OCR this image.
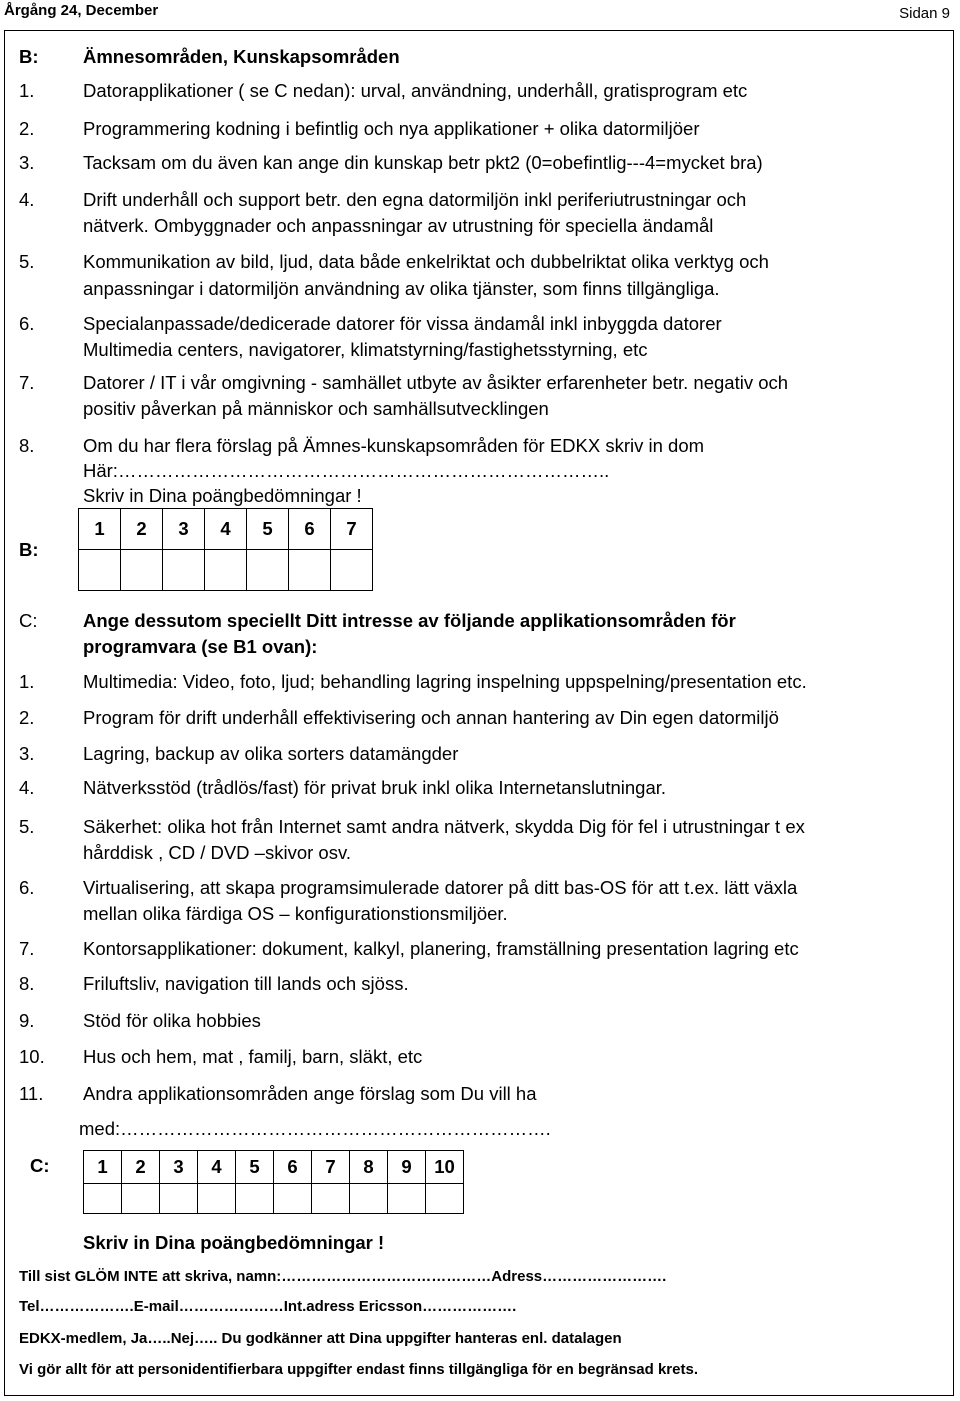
Årgång 24, December	Sidan 9
B: Ämnesområden, Kunskapsområden
1.	Datorapplikationer ( se C nedan): urval, användning, underhåll, gratisprogram etc
2.	Programmering kodning i befintlig och nya applikationer + olika datormiljöer
3.	Tacksam om du även kan ange din kunskap betr pkt2 (0=obefintlig---4=mycket bra)
4.	Drift underhåll och support betr. den egna datormiljön inkl periferiutrustningar och
nätverk. Ombyggnader och anpassningar av utrustning för speciella ändamål
5.	Kommunikation av bild, ljud, data både enkelriktat och dubbelriktat olika verktyg och
anpassningar i datormiljön användning av olika tjänster, som finns tillgängliga.
6.	Specialanpassade/dedicerade datorer för vissa ändamål inkl inbyggda datorer
Multimedia centers, navigatorer, klimatstyrning/fastighetsstyrning, etc
7.	Datorer / IT i vår omgivning - samhället utbyte av åsikter erfarenheter betr. negativ och
positiv påverkan på människor och samhällsutvecklingen
8.	Om du har flera förslag på Ämnes-kunskapsområden för EDKX skriv in dom
Här:……………………………………………………………………..
Skriv in Dina poängbedömningar !
B:
1	2	3	4	5	6	7

C: Ange dessutom speciellt Ditt intresse av följande applikationsområden för
programvara (se B1 ovan):
1.	Multimedia: Video, foto, ljud; behandling lagring inspelning uppspelning/presentation etc.
2.	Program för drift underhåll effektivisering och annan hantering av Din egen datormiljö
3.	Lagring, backup av olika sorters datamängder
4.	Nätverksstöd (trådlös/fast) för privat bruk inkl olika Internetanslutningar.
5.	Säkerhet: olika hot från Internet samt andra nätverk, skydda Dig för fel i utrustningar t ex
hårddisk , CD / DVD –skivor osv.
6.	Virtualisering, att skapa programsimulerade datorer på ditt bas-OS för att t.ex. lätt växla
mellan olika färdiga OS – konfigurationstionsmiljöer.
7.	Kontorsapplikationer: dokument, kalkyl, planering, framställning presentation lagring etc
8.	Friluftsliv, navigation till lands och sjöss.
9.	Stöd för olika hobbies
10. Hus och hem, mat , familj, barn, släkt, etc
11. Andra applikationsområden ange förslag som Du vill ha
med:…………………………………………………………….
C:	1	2	3	4	5	6	7	8	9	10

Skriv in Dina poängbedömningar !
Till sist GLÖM INTE att skriva, namn:……………………………………Adress…………………….
Tel……………….E-mail…………………Int.adress Ericsson……………….
EDKX-medlem, Ja…..Nej….. Du godkänner att Dina uppgifter hanteras enl. datalagen
Vi gör allt för att personidentifierbara uppgifter endast finns tillgängliga för en begränsad krets.
